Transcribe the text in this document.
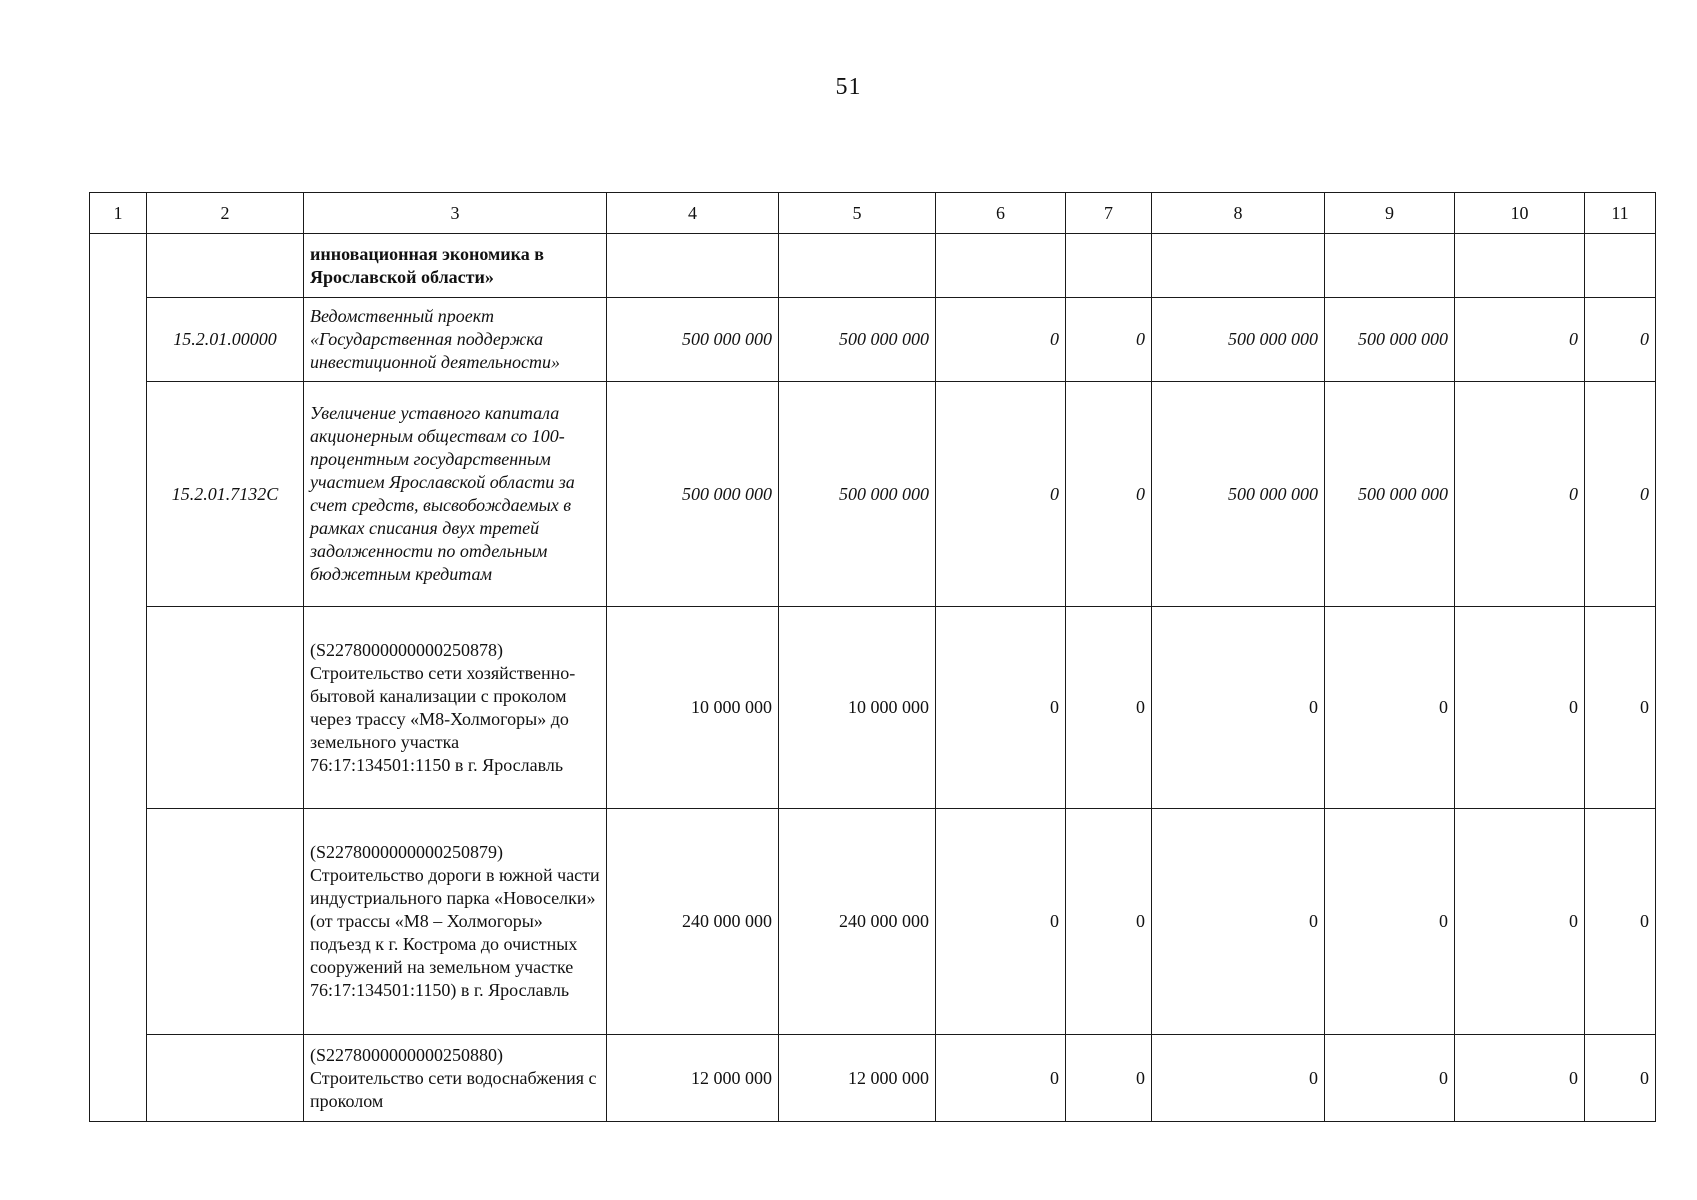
51
1	2	3	4	5	6	7	8	9	10	11
		инновационная экономика в Ярославской области»								
	15.2.01.00000	Ведомственный проект «Государственная поддержка инвестиционной деятельности»	500 000 000	500 000 000	0	0	500 000 000	500 000 000	0	0
	15.2.01.7132С	Увеличение уставного капитала акционерным обществам со 100-процентным государственным участием Ярославской области за счет средств, высвобождаемых в рамках списания двух третей задолженности по отдельным бюджетным кредитам	500 000 000	500 000 000	0	0	500 000 000	500 000 000	0	0
		(S2278000000000250878) Строительство сети хозяйственно-бытовой канализации с проколом через трассу «М8-Холмогоры» до земельного участка 76:17:134501:1150 в г. Ярославль	10 000 000	10 000 000	0	0	0	0	0	0
		(S2278000000000250879) Строительство дороги в южной части индустриального парка «Новоселки» (от трассы «М8 – Холмогоры» подъезд к г. Кострома до очистных сооружений на земельном участке 76:17:134501:1150) в г. Ярославль	240 000 000	240 000 000	0	0	0	0	0	0
		(S2278000000000250880) Строительство сети водоснабжения с проколом	12 000 000	12 000 000	0	0	0	0	0	0
